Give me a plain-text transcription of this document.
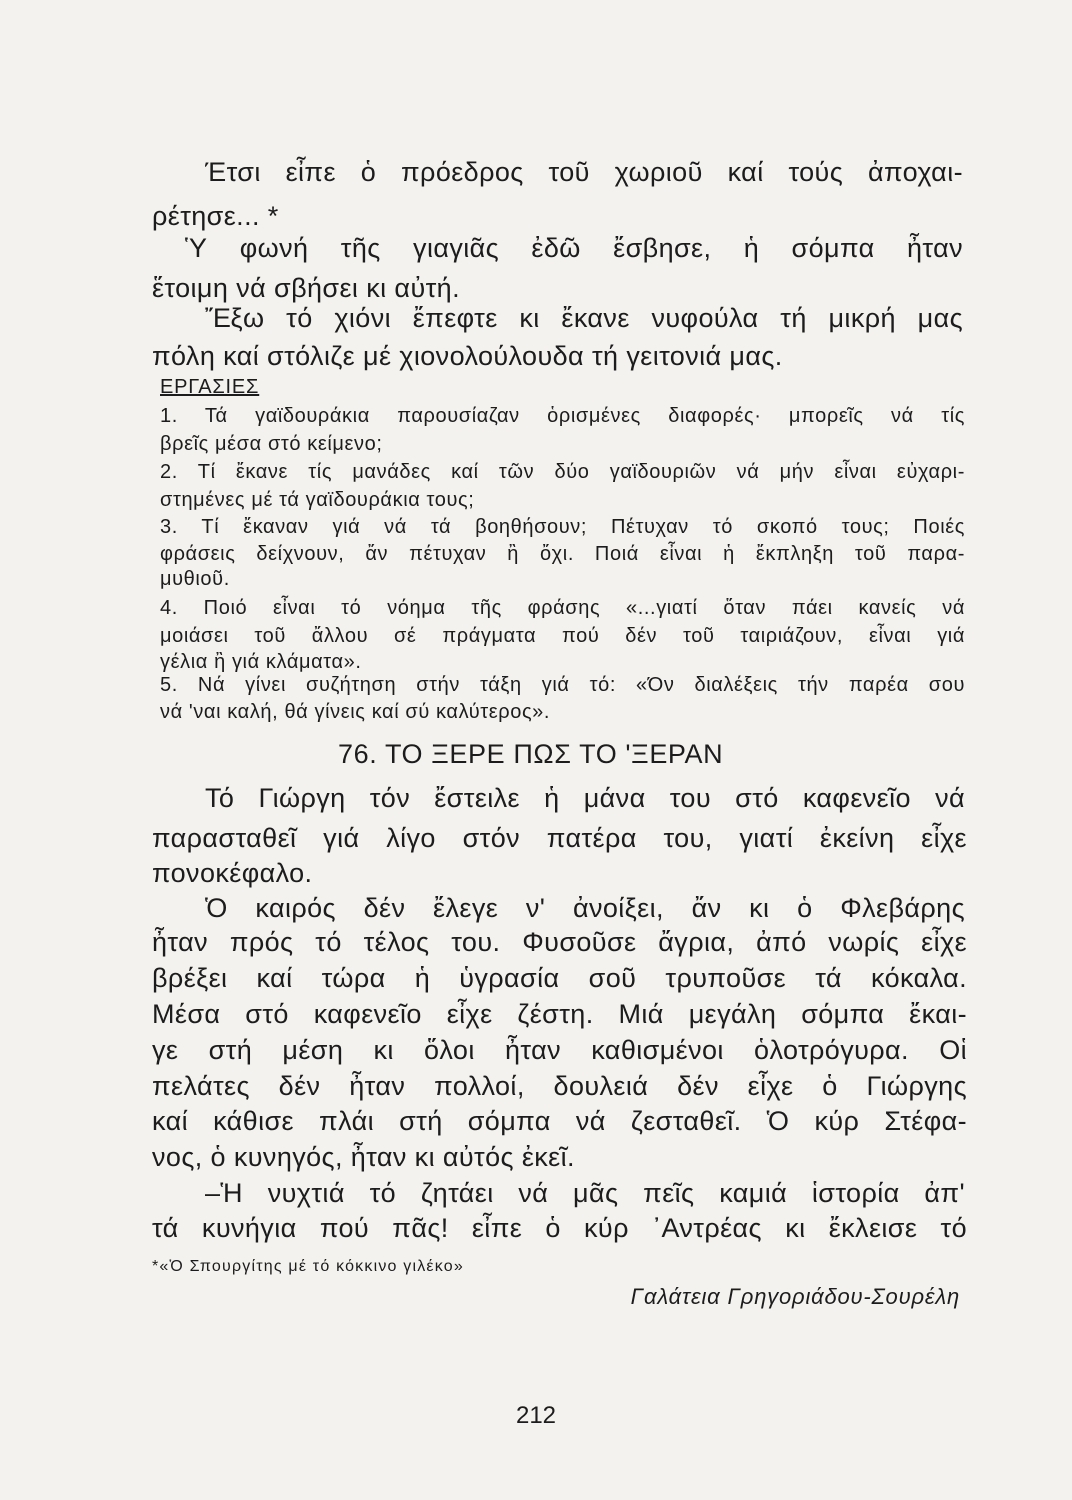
Έτσι εἶπε ὁ πρόεδρος τοῦ χωριοῦ καί τούς ἀποχαι-
ρέτησε... *
Ὑ φωνή τῆς γιαγιᾶς ἐδῶ ἔσβησε, ἡ σόμπα ἦταν
ἕτοιμη νά σβήσει κι αὐτή.
Ἔξω τό χιόνι ἔπεφτε κι ἔκανε νυφούλα τή μικρή μας
πόλη καί στόλιζε μέ χιονολούλουδα τή γειτονιά μας.
ΕΡΓΑΣΙΕΣ
1. Τά γαϊδουράκια παρουσίαζαν ὁρισμένες διαφορές· μπορεῖς νά τίς
βρεῖς μέσα στό κείμενο;
2. Τί ἔκανε τίς μανάδες καί τῶν δύο γαϊδουριῶν νά μήν εἶναι εὐχαρι-
στημένες μέ τά γαϊδουράκια τους;
3. Τί ἔκαναν γιά νά τά βοηθήσουν; Πέτυχαν τό σκοπό τους; Ποιές
φράσεις δείχνουν, ἄν πέτυχαν ἢ ὄχι. Ποιά εἶναι ἡ ἔκπληξη τοῦ παρα-
μυθιοῦ.
4. Ποιό εἶναι τό νόημα τῆς φράσης «...γιατί ὅταν πάει κανείς νά
μοιάσει τοῦ ἄλλου σέ πράγματα πού δέν τοῦ ταιριάζουν, εἶναι γιά
γέλια ἢ γιά κλάματα».
5. Νά γίνει συζήτηση στήν τάξη γιά τό: «Όν διαλέξεις τήν παρέα σου
νά 'ναι καλή, θά γίνεις καί σύ καλύτερος».
76. ΤΟ ΞΕΡΕ ΠΩΣ ΤΟ 'ΞΕΡΑΝ
Τό Γιώργη τόν ἔστειλε ἡ μάνα του στό καφενεῖο νά
παρασταθεῖ γιά λίγο στόν πατέρα του, γιατί ἐκείνη εἶχε
πονοκέφαλο.
Ὁ καιρός δέν ἔλεγε ν' ἀνοίξει, ἄν κι ὁ Φλεβάρης
ἦταν πρός τό τέλος του. Φυσοῦσε ἄγρια, ἀπό νωρίς εἶχε
βρέξει καί τώρα ἡ ὑγρασία σοῦ τρυποῦσε τά κόκαλα.
Μέσα στό καφενεῖο εἶχε ζέστη. Μιά μεγάλη σόμπα ἔκαι-
γε στή μέση κι ὅλοι ἦταν καθισμένοι ὁλοτρόγυρα. Οἱ
πελάτες δέν ἦταν πολλοί, δουλειά δέν εἶχε ὁ Γιώργης
καί κάθισε πλάι στή σόμπα νά ζεσταθεῖ. Ὁ κύρ Στέφα-
νος, ὁ κυνηγός, ἦταν κι αὐτός ἐκεῖ.
–Ἡ νυχτιά τό ζητάει νά μᾶς πεῖς καμιά ἱστορία ἀπ'
τά κυνήγια πού πᾶς! εἶπε ὁ κύρ ᾿Αντρέας κι ἔκλεισε τό
*«Ὁ Σπουργίτης μέ τό κόκκινο γιλέκο»
Γαλάτεια Γρηγοριάδου-Σουρέλη
212
